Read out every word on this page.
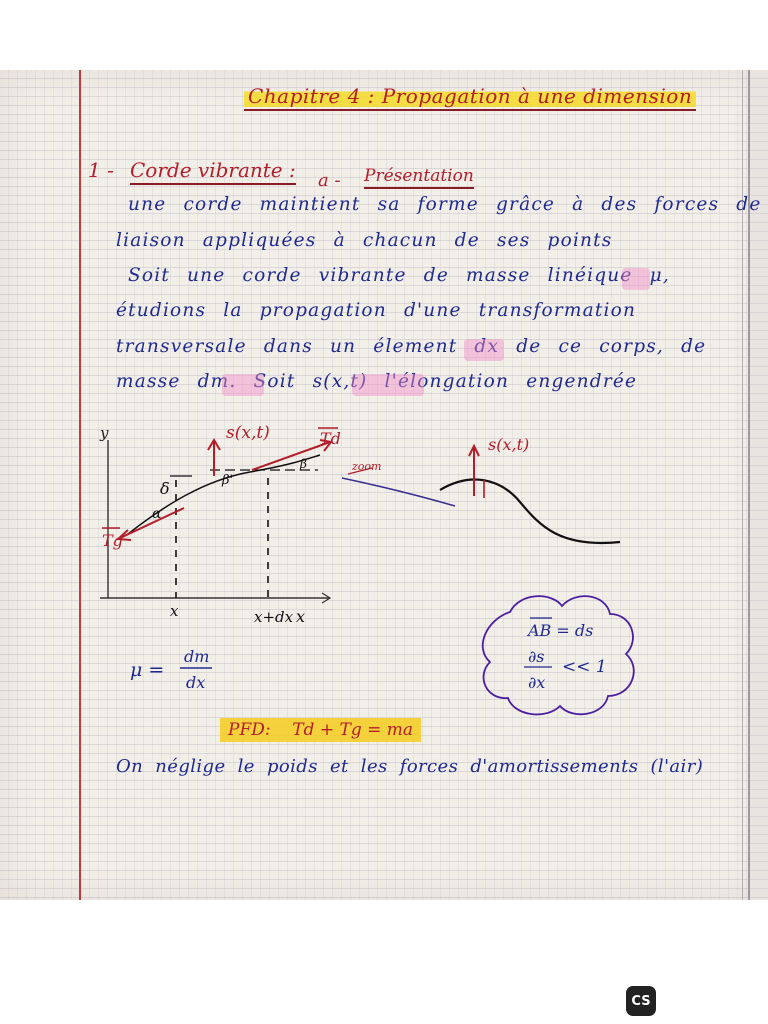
Chapitre 4 : Propagation à une dimension

1 - Corde vibrante : a - Présentation

une corde maintient sa forme grâce à des forces de

liaison appliquées à chacun de ses points

Soit une corde vibrante de masse linéique μ,

étudions la propagation d'une transformation

transversale dans un élement dx de ce corps, de

masse dm. Soit s(x,t) l'élongation engendrée

y
x	x+dx x
δ
α
β'
β
s(x,t)	Td
Tg
zoom
s(x,t)
AB = ds
∂s
∂x
<< 1
μ =
dm
dx

PFD: Td + Tg = ma

On néglige le poids et les forces d'amortissements (l'air)

CS
